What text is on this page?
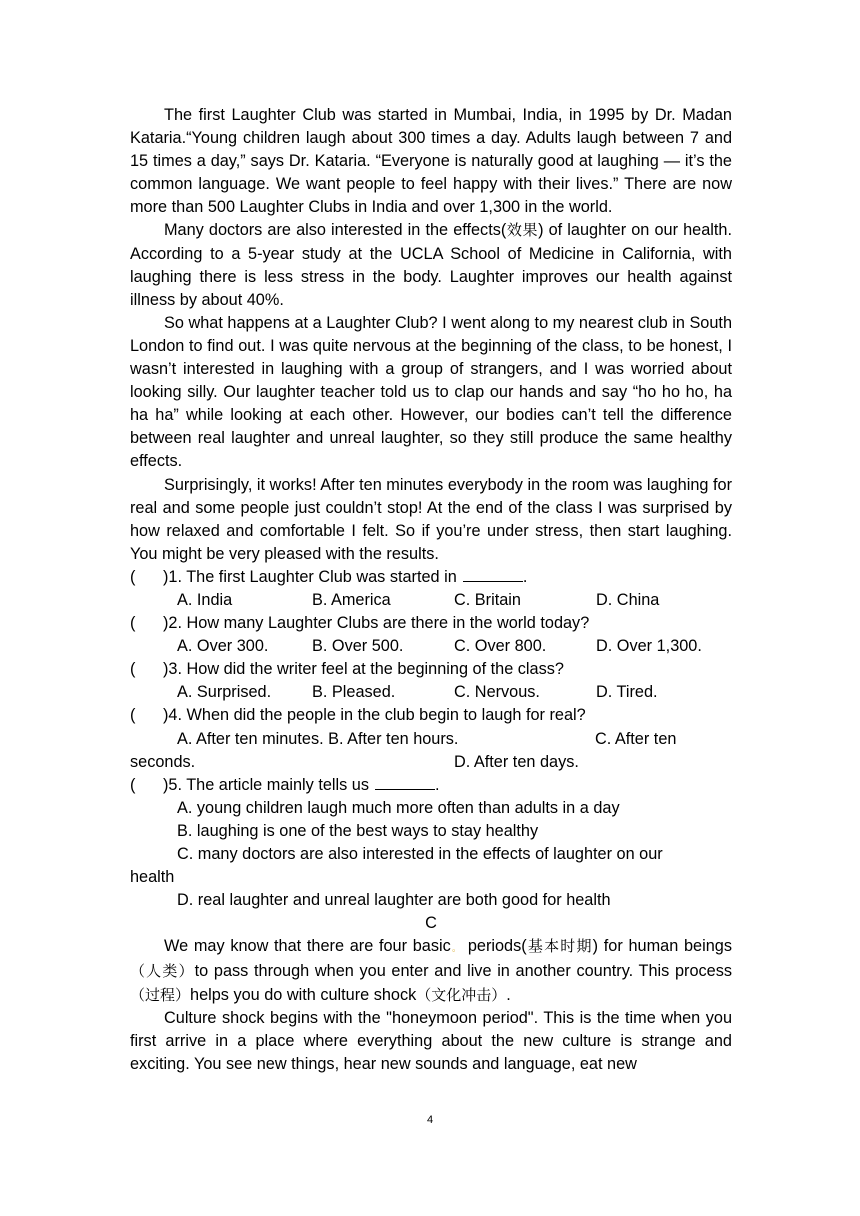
The first Laughter Club was started in Mumbai, India, in 1995 by Dr. Madan Kataria.“Young children laugh about 300 times a day. Adults laugh between 7 and 15 times a day,” says Dr. Kataria. “Everyone is naturally good at laughing — it’s the common language. We want people to feel happy with their lives.” There are now more than 500 Laughter Clubs in India and over 1,300 in the world.

Many doctors are also interested in the effects(效果) of laughter on our health. According to a 5-year study at the UCLA School of Medicine in California, with laughing there is less stress in the body. Laughter improves our health against illness by about 40%.

So what happens at a Laughter Club? I went along to my nearest club in South London to find out. I was quite nervous at the beginning of the class, to be honest, I wasn’t interested in laughing with a group of strangers, and I was worried about looking silly. Our laughter teacher told us to clap our hands and say “ho ho ho, ha ha ha” while looking at each other. However, our bodies can’t tell the difference between real laughter and unreal laughter, so they still produce the same healthy effects.

Surprisingly, it works! After ten minutes everybody in the room was laughing for real and some people just couldn’t stop! At the end of the class I was surprised by how relaxed and comfortable I felt. So if you’re under stress, then start laughing. You might be very pleased with the results.

( )1. The first Laughter Club was started in	.

A. India	B. America	C. Britain	D. China

( )2. How many Laughter Clubs are there in the world today?

A. Over 300.	B. Over 500.	C. Over 800.	D. Over 1,300.

( )3. How did the writer feel at the beginning of the class?

A. Surprised.	B. Pleased.	C. Nervous.	D. Tired.

( )4. When did the people in the club begin to laugh for real?

A. After ten minutes. B. After ten hours.	C. After ten
seconds.	D. After ten days.

( )5. The article mainly tells us	.

A. young children laugh much more often than adults in a day

B. laughing is one of the best ways to stay healthy

C. many doctors are also interested in the effects of laughter on our

health

D. real laughter and unreal laughter are both good for health

C

We may know that there are four basic。 periods(基本时期) for human beings（人类）to pass through when you enter and live in another country. This process （过程）helps you do with culture shock（文化冲击）.

Culture shock begins with the "honeymoon period". This is the time when you first arrive in a place where everything about the new culture is strange and exciting. You see new things, hear new sounds and language, eat new

4
